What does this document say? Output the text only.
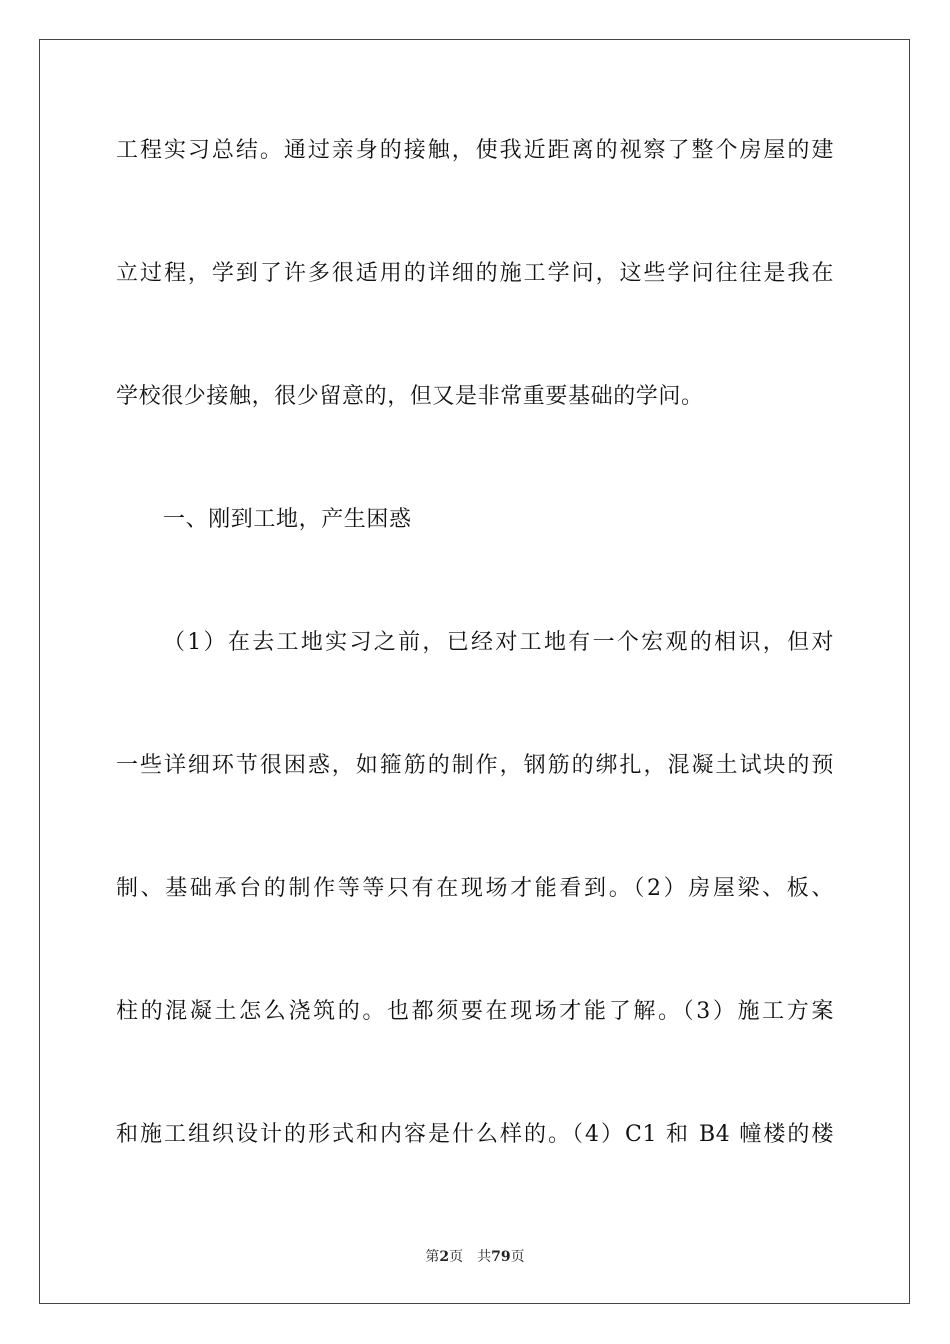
工程实习总结。通过亲身的接触，使我近距离的视察了整个房屋的建
立过程，学到了许多很适用的详细的施工学问，这些学问往往是我在
学校很少接触，很少留意的，但又是非常重要基础的学问。
一、刚到工地，产生困惑
（1）在去工地实习之前，已经对工地有一个宏观的相识，但对
一些详细环节很困惑，如箍筋的制作，钢筋的绑扎，混凝土试块的预
制、基础承台的制作等等只有在现场才能看到。（2）房屋梁、板、
柱的混凝土怎么浇筑的。也都须要在现场才能了解。（3）施工方案
和施工组织设计的形式和内容是什么样的。（4）C1 和 B4 幢楼的楼
第2页 共79页
